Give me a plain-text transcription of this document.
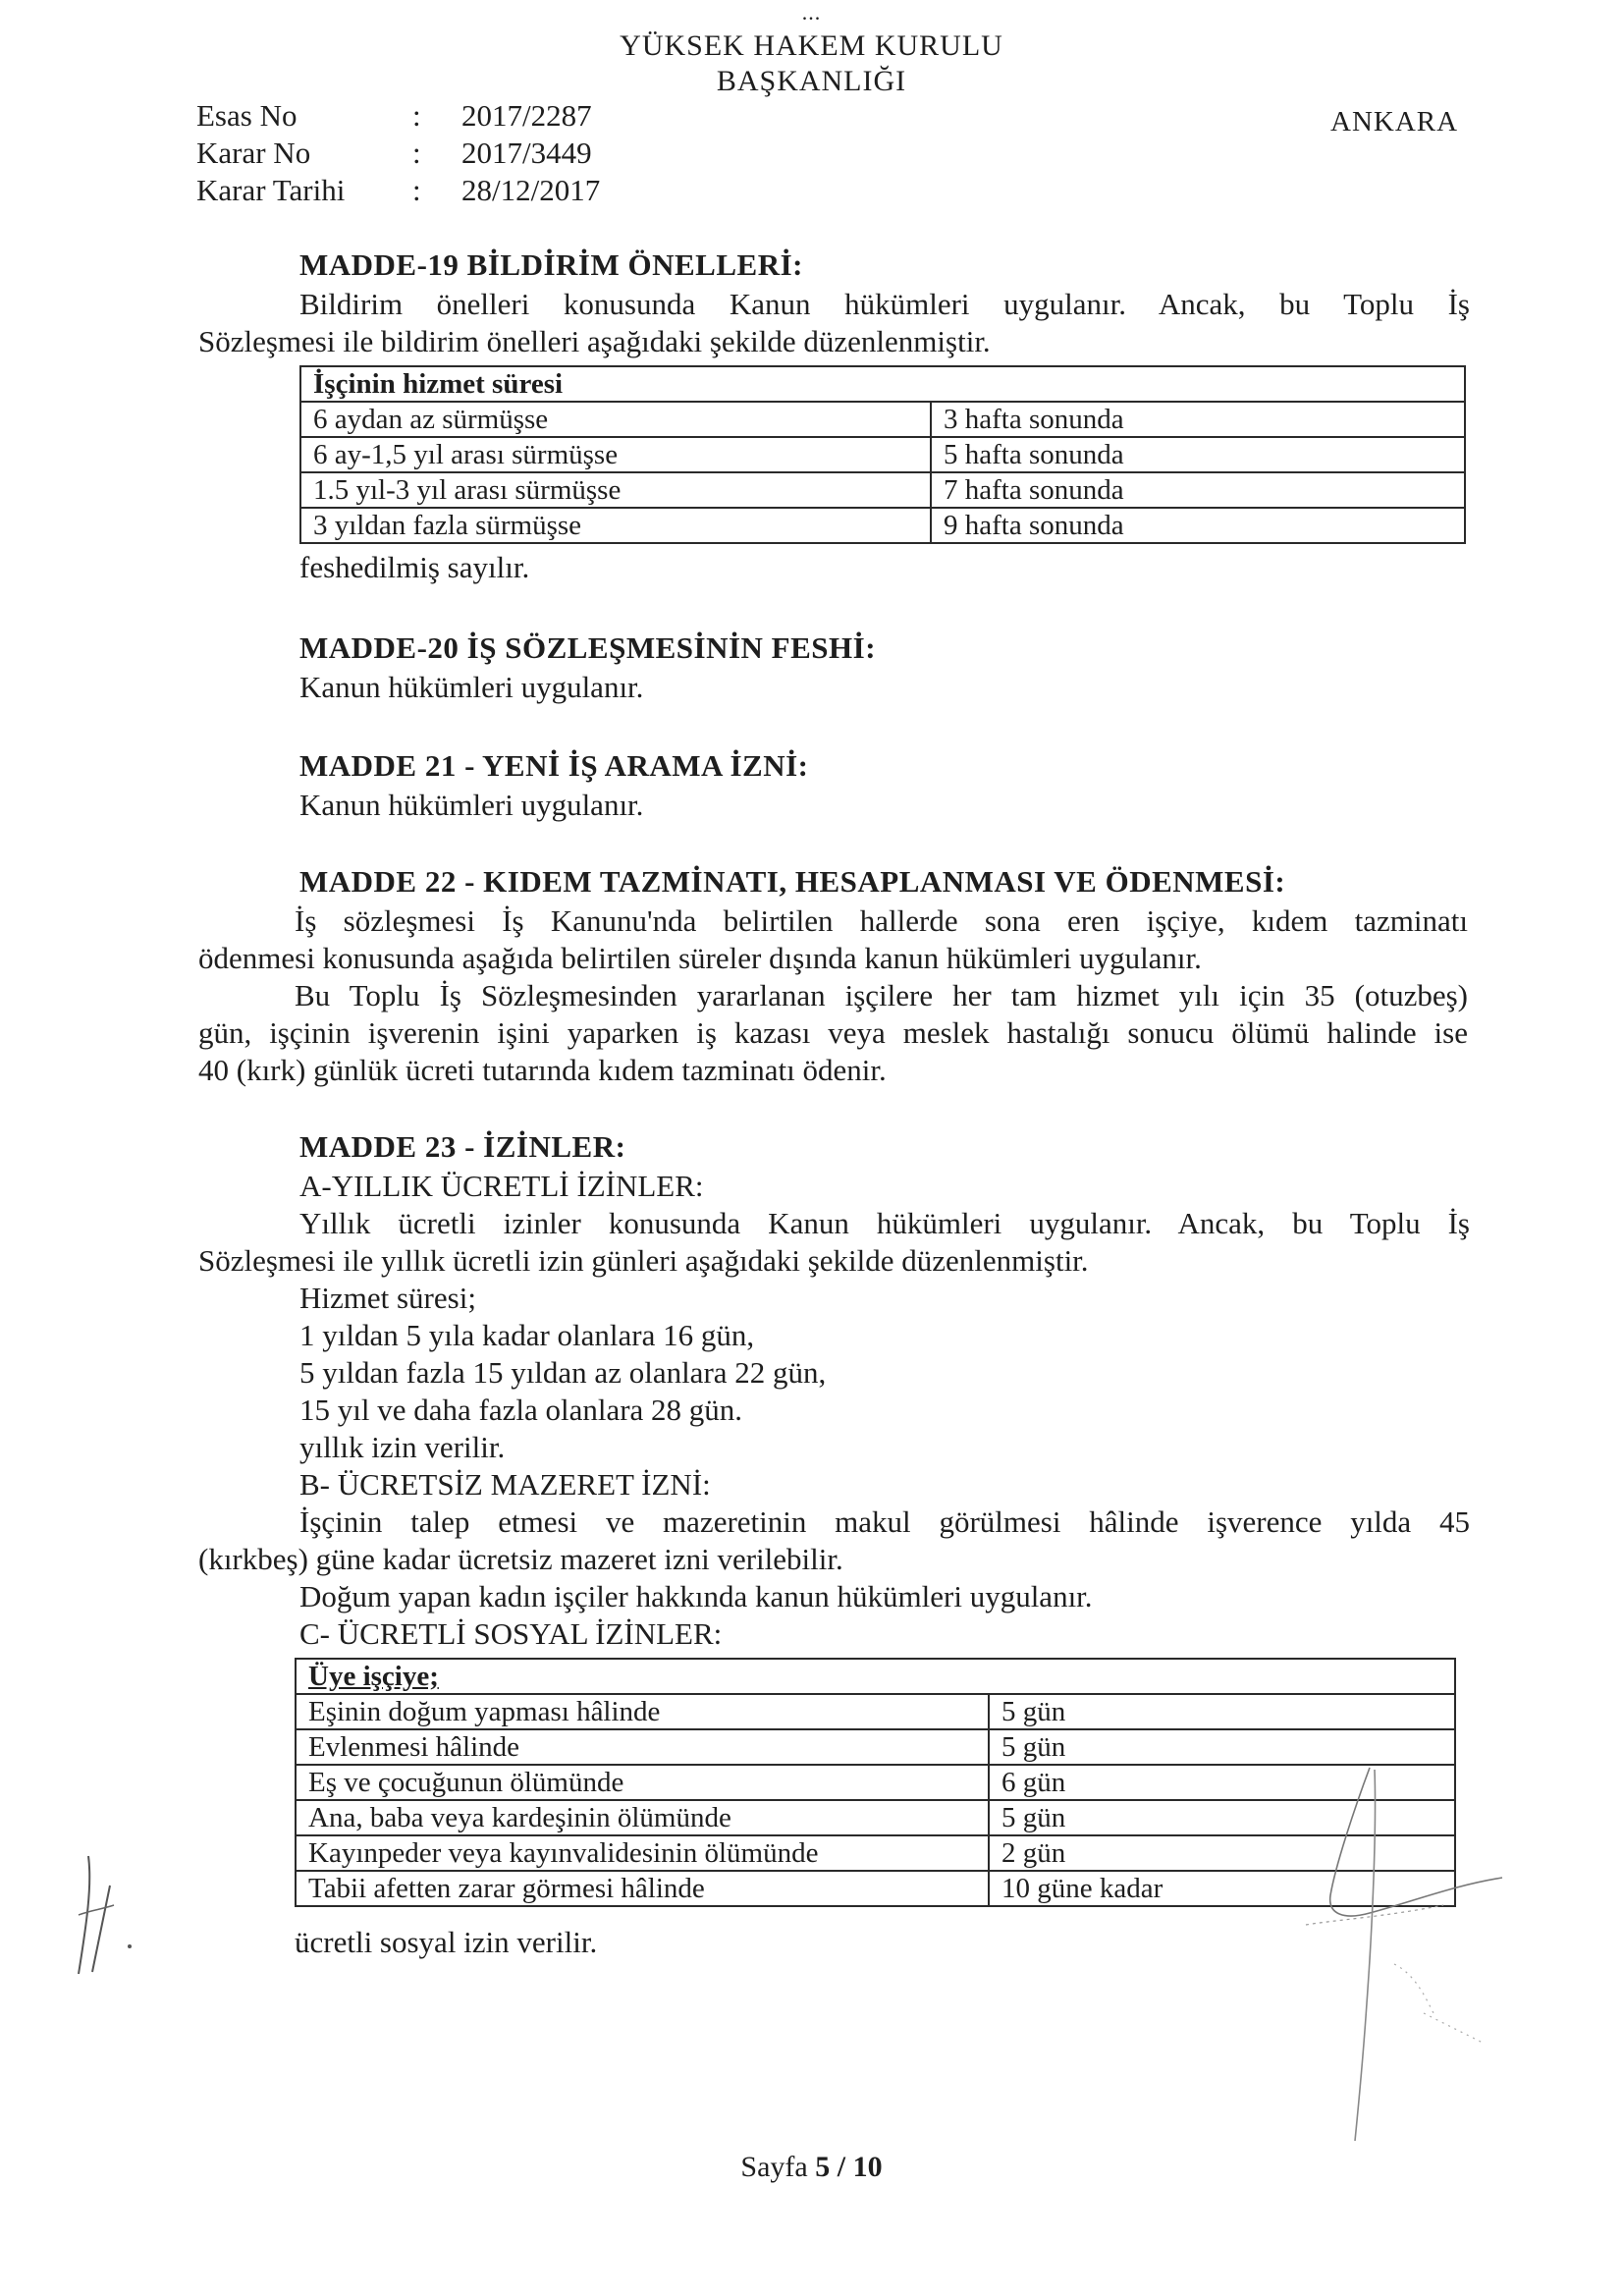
...
YÜKSEK HAKEM KURULU
BAŞKANLIĞI
ANKARA
Esas No	: 2017/2287
Karar No	: 2017/3449
Karar Tarihi : 28/12/2017
MADDE-19 BİLDİRİM ÖNELLERİ:
Bildirim önelleri konusunda Kanun hükümleri uygulanır. Ancak, bu Toplu İş
Sözleşmesi ile bildirim önelleri aşağıdaki şekilde düzenlenmiştir.
İşçinin hizmet süresi	
6 aydan az sürmüşse	3 hafta sonunda
6 ay-1,5 yıl arası sürmüşse	5 hafta sonunda
1.5 yıl-3 yıl arası sürmüşse	7 hafta sonunda
3 yıldan fazla sürmüşse	9 hafta sonunda
feshedilmiş sayılır.
MADDE-20 İŞ SÖZLEŞMESİNİN FESHİ:
Kanun hükümleri uygulanır.
MADDE 21 - YENİ İŞ ARAMA İZNİ:
Kanun hükümleri uygulanır.
MADDE 22 - KIDEM TAZMİNATI, HESAPLANMASI VE ÖDENMESİ:
İş sözleşmesi İş Kanunu'nda belirtilen hallerde sona eren işçiye, kıdem tazminatı
ödenmesi konusunda aşağıda belirtilen süreler dışında kanun hükümleri uygulanır.
Bu Toplu İş Sözleşmesinden yararlanan işçilere her tam hizmet yılı için 35 (otuzbeş)
gün, işçinin işverenin işini yaparken iş kazası veya meslek hastalığı sonucu ölümü halinde ise
40 (kırk) günlük ücreti tutarında kıdem tazminatı ödenir.
MADDE 23 - İZİNLER:
A-YILLIK ÜCRETLİ İZİNLER:
Yıllık ücretli izinler konusunda Kanun hükümleri uygulanır. Ancak, bu Toplu İş
Sözleşmesi ile yıllık ücretli izin günleri aşağıdaki şekilde düzenlenmiştir.
Hizmet süresi;
1 yıldan 5 yıla kadar olanlara 16 gün,
5 yıldan fazla 15 yıldan az olanlara 22 gün,
15 yıl ve daha fazla olanlara 28 gün.
yıllık izin verilir.
B- ÜCRETSİZ MAZERET İZNİ:
İşçinin talep etmesi ve mazeretinin makul görülmesi hâlinde işverence yılda 45
(kırkbeş) güne kadar ücretsiz mazeret izni verilebilir.
Doğum yapan kadın işçiler hakkında kanun hükümleri uygulanır.
C- ÜCRETLİ SOSYAL İZİNLER:
Üye işçiye;	
Eşinin doğum yapması hâlinde	5 gün
Evlenmesi hâlinde	5 gün
Eş ve çocuğunun ölümünde	6 gün
Ana, baba veya kardeşinin ölümünde	5 gün
Kayınpeder veya kayınvalidesinin ölümünde	2 gün
Tabii afetten zarar görmesi hâlinde	10 güne kadar
ücretli sosyal izin verilir.
Sayfa 5 / 10
